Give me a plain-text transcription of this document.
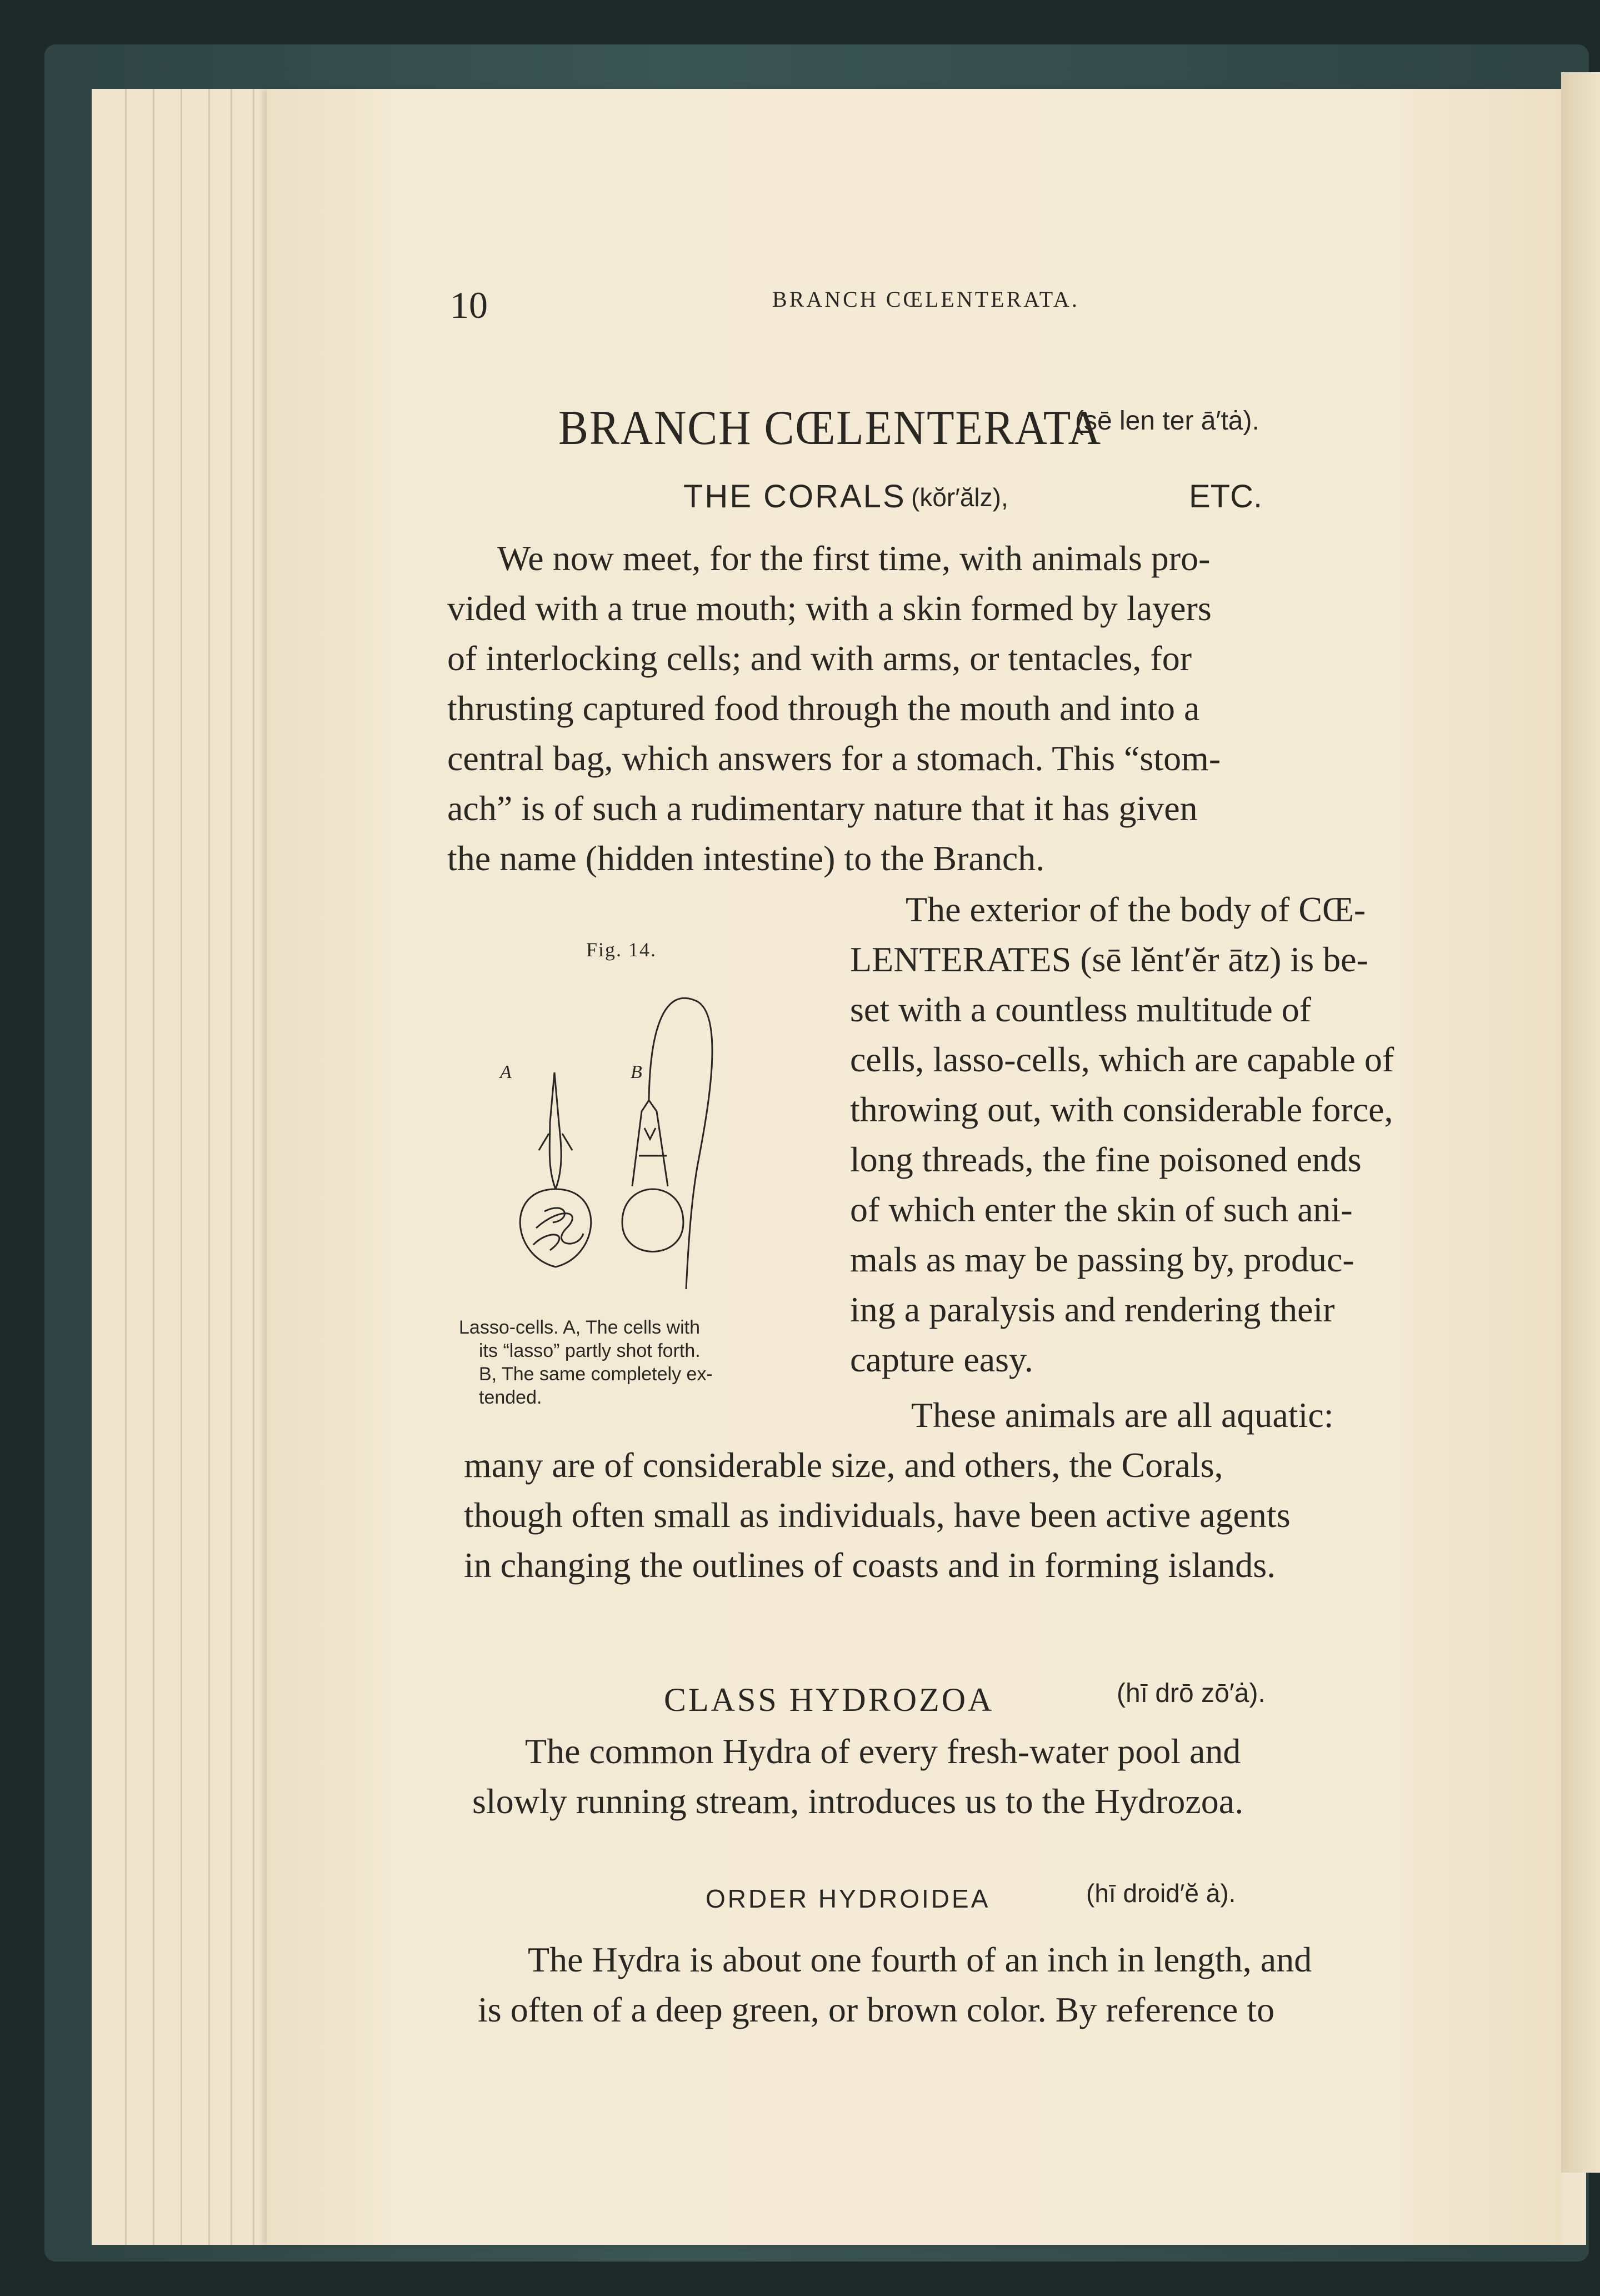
10	BRANCH CŒLENTERATA.
BRANCH CŒLENTERATA
(sē len ter ā′tȧ).
THE CORALS (kŏr′ălz),	ETC.
We now meet, for the first time, with animals pro-
vided with a true mouth; with a skin formed by layers
of interlocking cells; and with arms, or tentacles, for
thrusting captured food through the mouth and into a
central bag, which answers for a stomach. This “stom-
ach” is of such a rudimentary nature that it has given
the name (hidden intestine) to the Branch.
Fig. 14.
A	B
Lasso-cells. A, The cells with
its “lasso” partly shot forth.
B, The same completely ex-
tended.
The exterior of the body of CŒ-
LENTERATES (sē lĕnt′ĕr ātz) is be-
set with a countless multitude of
cells, lasso-cells, which are capable of
throwing out, with considerable force,
long threads, the fine poisoned ends
of which enter the skin of such ani-
mals as may be passing by, produc-
ing a paralysis and rendering their
capture easy.
These animals are all aquatic:
many are of considerable size, and others, the Corals,
though often small as individuals, have been active agents
in changing the outlines of coasts and in forming islands.
CLASS HYDROZOA	(hī drō zō′ȧ).
The common Hydra of every fresh-water pool and
slowly running stream, introduces us to the Hydrozoa.
ORDER HYDROIDEA	(hī droid′ĕ ȧ).
The Hydra is about one fourth of an inch in length, and
is often of a deep green, or brown color. By reference to
